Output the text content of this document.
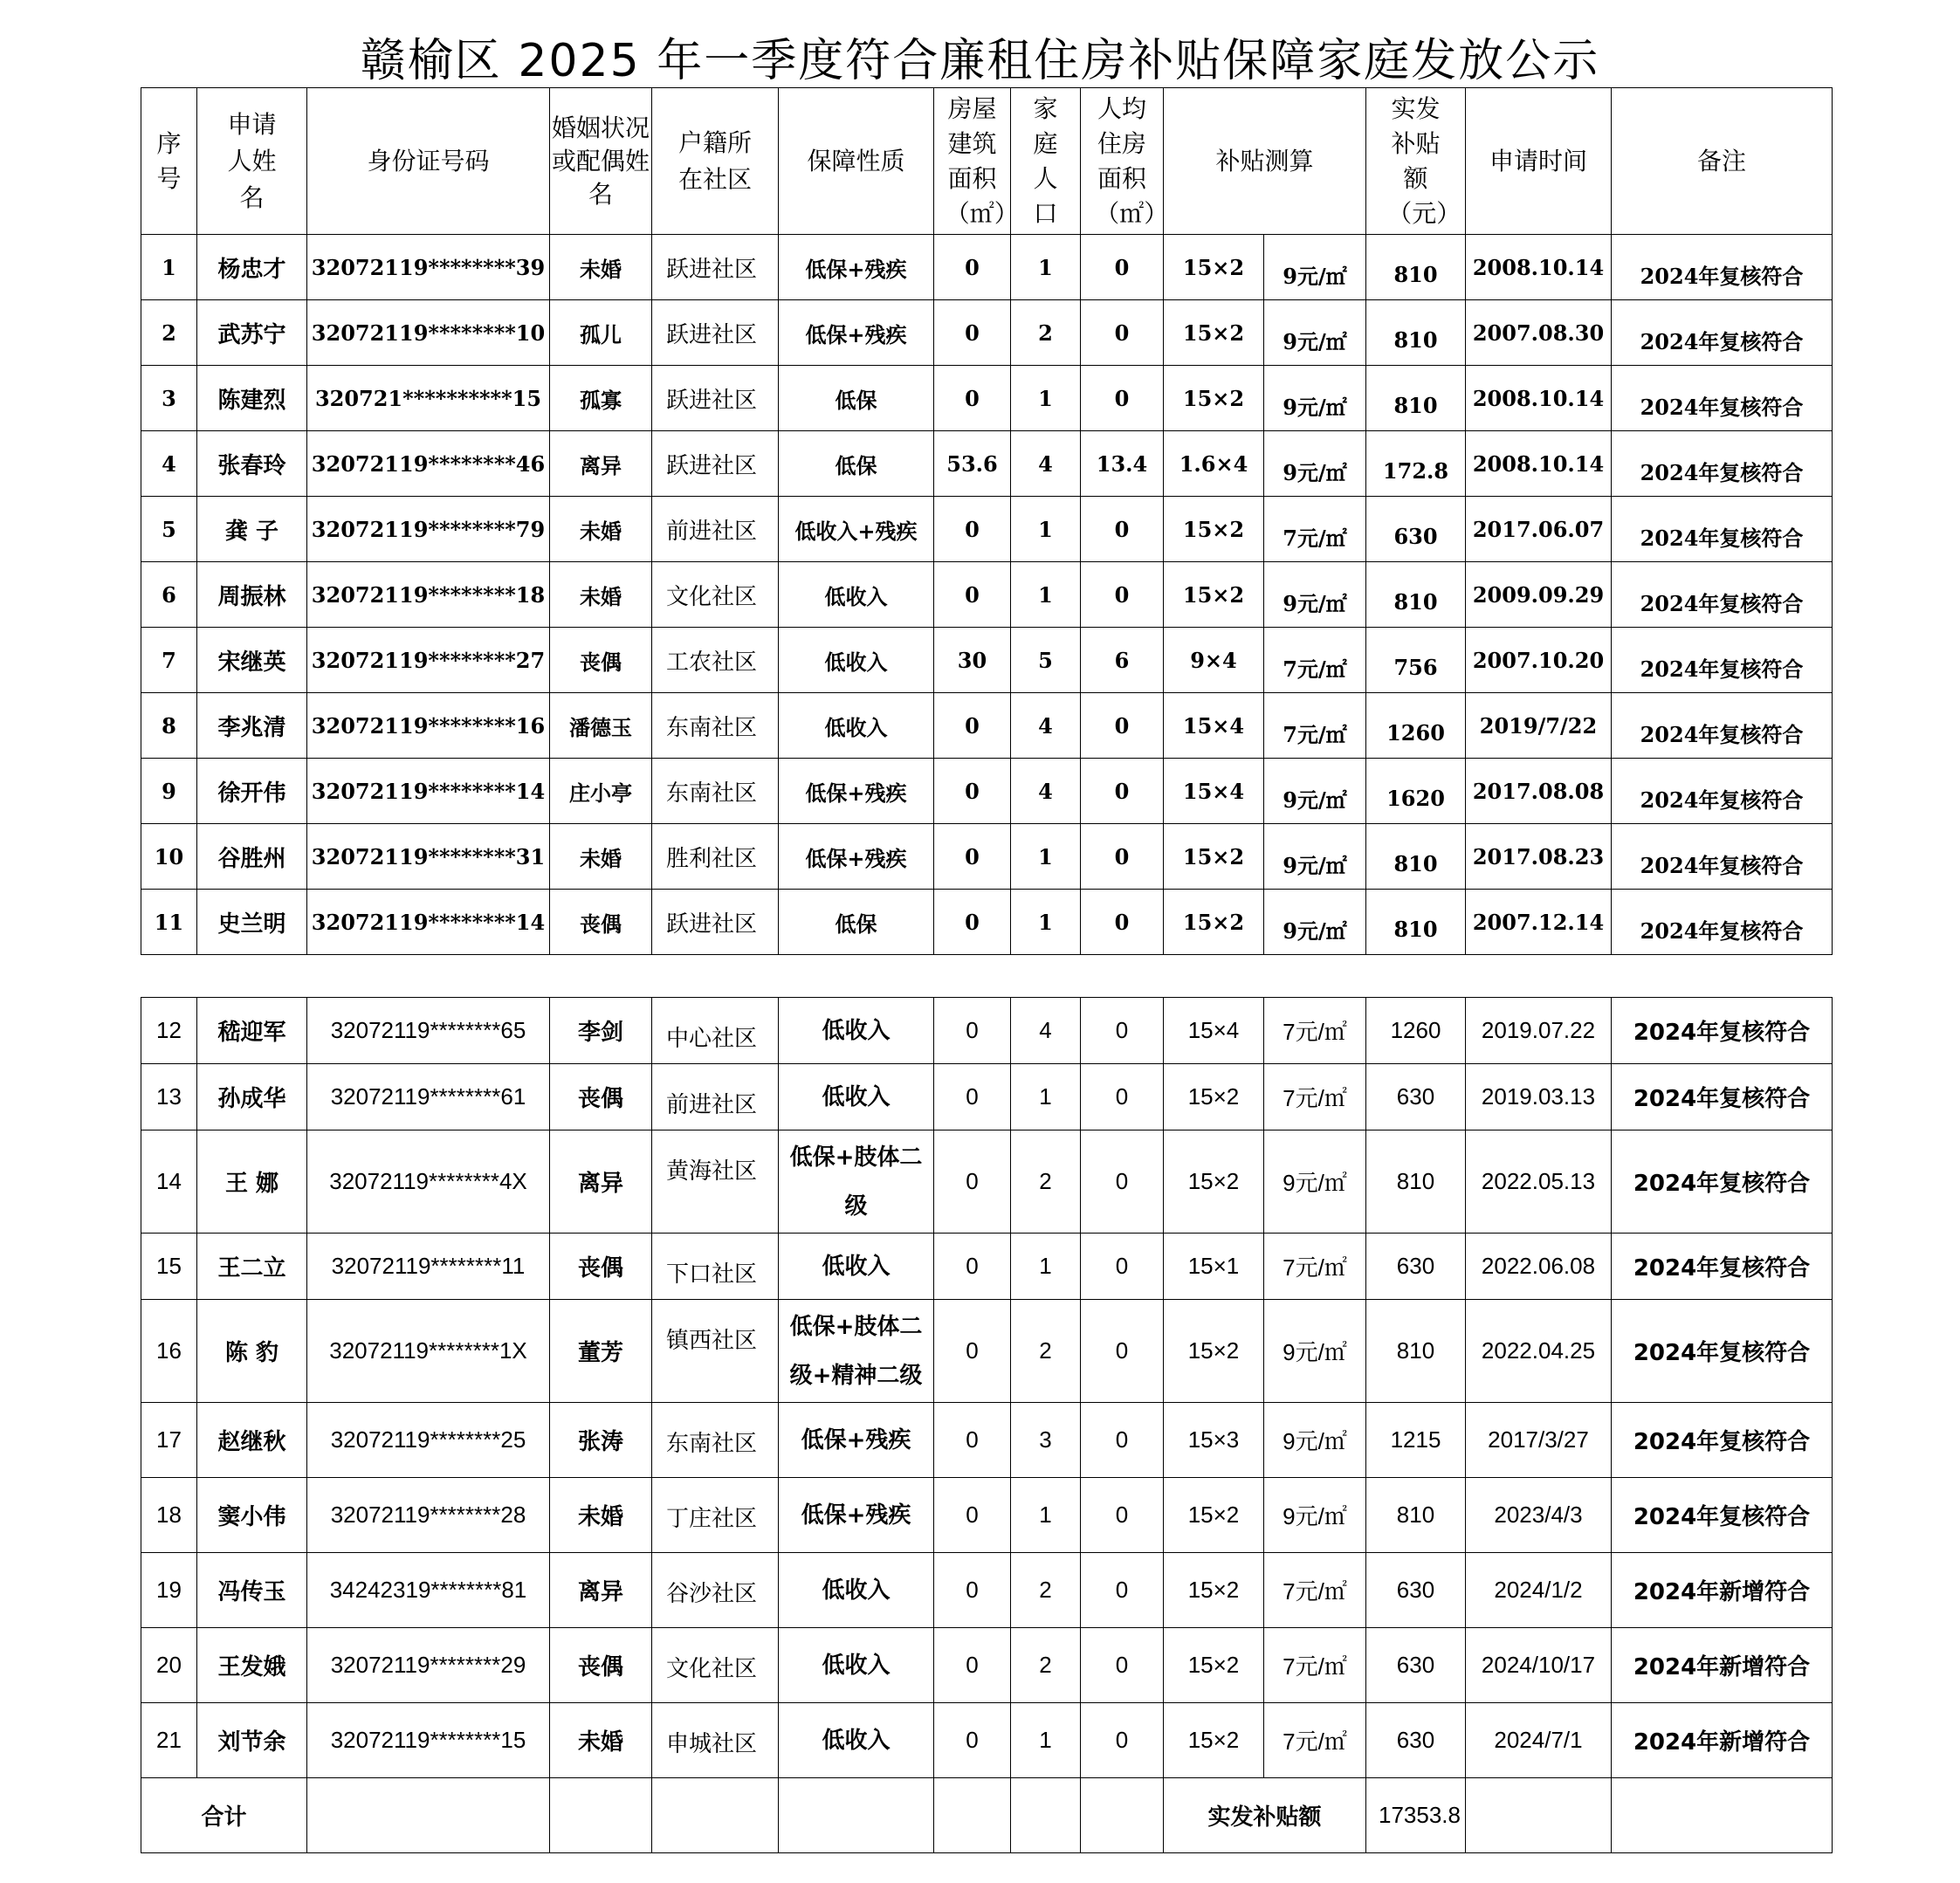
赣榆区 2025 年一季度符合廉租住房补贴保障家庭发放公示
序号	申请人姓名	身份证号码	婚姻状况或配偶姓名	户籍所在社区	保障性质	房屋建筑面积（㎡）	家庭人口	人均住房面积（㎡）	补贴测算		实发补贴额（元）	申请时间	备注
1	杨忠才	32072119********39	未婚	跃进社区	低保+残疾	0	1	0	15×2	9元/㎡	810	2008.10.14	2024年复核符合
2	武苏宁	32072119********10	孤儿	跃进社区	低保+残疾	0	2	0	15×2	9元/㎡	810	2007.08.30	2024年复核符合
3	陈建烈	320721**********15	孤寡	跃进社区	低保	0	1	0	15×2	9元/㎡	810	2008.10.14	2024年复核符合
4	张春玲	32072119********46	离异	跃进社区	低保	53.6	4	13.4	1.6×4	9元/㎡	172.8	2008.10.14	2024年复核符合
5	龚 子	32072119********79	未婚	前进社区	低收入+残疾	0	1	0	15×2	7元/㎡	630	2017.06.07	2024年复核符合
6	周振林	32072119********18	未婚	文化社区	低收入	0	1	0	15×2	9元/㎡	810	2009.09.29	2024年复核符合
7	宋继英	32072119********27	丧偶	工农社区	低收入	30	5	6	9×4	7元/㎡	756	2007.10.20	2024年复核符合
8	李兆清	32072119********16	潘德玉	东南社区	低收入	0	4	0	15×4	7元/㎡	1260	2019/7/22	2024年复核符合
9	徐开伟	32072119********14	庄小亭	东南社区	低保+残疾	0	4	0	15×4	9元/㎡	1620	2017.08.08	2024年复核符合
10	谷胜州	32072119********31	未婚	胜利社区	低保+残疾	0	1	0	15×2	9元/㎡	810	2017.08.23	2024年复核符合
11	史兰明	32072119********14	丧偶	跃进社区	低保	0	1	0	15×2	9元/㎡	810	2007.12.14	2024年复核符合
12	嵇迎军	32072119********65	李剑	中心社区	低收入	0	4	0	15×4	7元/㎡	1260	2019.07.22	2024年复核符合
13	孙成华	32072119********61	丧偶	前进社区	低收入	0	1	0	15×2	7元/㎡	630	2019.03.13	2024年复核符合
14	王 娜	32072119********4X	离异	黄海社区	低保+肢体二级	0	2	0	15×2	9元/㎡	810	2022.05.13	2024年复核符合
15	王二立	32072119********11	丧偶	下口社区	低收入	0	1	0	15×1	7元/㎡	630	2022.06.08	2024年复核符合
16	陈 豹	32072119********1X	董芳	镇西社区	低保+肢体二级+精神二级	0	2	0	15×2	9元/㎡	810	2022.04.25	2024年复核符合
17	赵继秋	32072119********25	张涛	东南社区	低保+残疾	0	3	0	15×3	9元/㎡	1215	2017/3/27	2024年复核符合
18	窦小伟	32072119********28	未婚	丁庄社区	低保+残疾	0	1	0	15×2	9元/㎡	810	2023/4/3	2024年复核符合
19	冯传玉	34242319********81	离异	谷沙社区	低收入	0	2	0	15×2	7元/㎡	630	2024/1/2	2024年新增符合
20	王发娥	32072119********29	丧偶	文化社区	低收入	0	2	0	15×2	7元/㎡	630	2024/10/17	2024年新增符合
21	刘节余	32072119********15	未婚	申城社区	低收入	0	1	0	15×2	7元/㎡	630	2024/7/1	2024年新增符合
合计									实发补贴额		17353.8		
